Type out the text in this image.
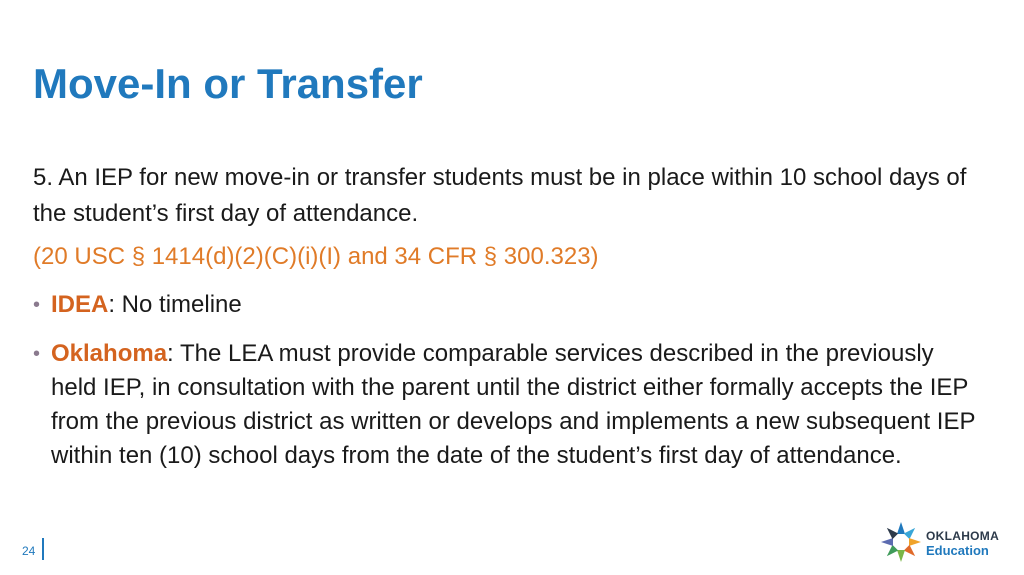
Move-In or Transfer

5. An IEP for new move-in or transfer students must be in place within 10 school days of the student’s first day of attendance.

(20 USC § 1414(d)(2)(C)(i)(I) and 34 CFR § 300.323)

• IDEA: No timeline
• Oklahoma: The LEA must provide comparable services described in the previously held IEP, in consultation with the parent until the district either formally accepts the IEP from the previous district as written or develops and implements a new subsequent IEP within ten (10) school days from the date of the student’s first day of attendance.
24
OKLAHOMA
Education
